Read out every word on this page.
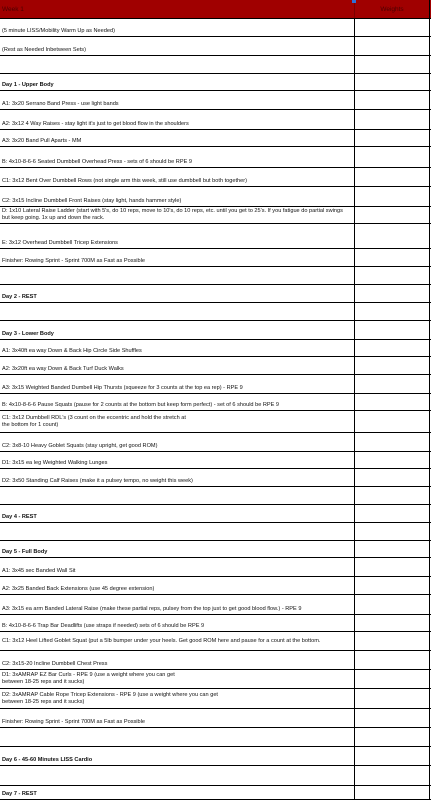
Week 1	Weights
(5 minute LISS/Mobility Warm Up as Needed)
(Rest as Needed Inbetween Sets)
Day 1 - Upper Body
A1: 3x20 Serrano Band Press - use light bands
A2: 3x12 4 Way Raises - stay light it's just to get blood flow in the shoulders
A3: 3x20 Band Pull Aparts - MM
B: 4x10-8-6-6 Seated Dumbbell Overhead Press - sets of 6 should be RPE 9
C1: 3x12 Bent Over Dumbbell Rows (not single arm this week, still use dumbbell but both together)
C2: 3x15 Incline Dumbbell Front Raises (stay light, hands hammer style)
D: 1x10 Lateral Raise Ladder (start with 5's, do 10 reps, move to 10's, do 10 reps, etc. until you get to 25's. If you fatigue do partial swings but keep going. 1x up and down the rack.
E: 3x12 Overhead Dumbbell Tricep Extensions
Finisher: Rowing Sprint - Sprint 700M as Fast as Possible
Day 2 - REST
Day 3 - Lower Body
A1: 3x40ft ea way Down & Back Hip Circle Side Shuffles
A2: 3x20ft ea way Down & Back Turf Duck Walks
A3: 3x15 Weighted Banded Dumbell Hip Thursts (squeeze for 3 counts at the top ea rep) - RPE 9
B: 4x10-8-6-6 Pause Squats (pause for 2 counts at the bottom but keep form perfect) - set of 6 should be RPE 9
C1: 3x12 Dumbbell RDL's (3 count on the eccentric and hold the stretch at
the bottom for 1 count)
C2: 3x8-10 Heavy Goblet Squats (stay upright, get good ROM)
D1: 3x15 ea leg Weighted Walking Lunges
D2: 3x50 Standing Calf Raises (make it a pulsey tempo, no weight this week)
Day 4 - REST
Day 5 - Full Body
A1: 3x45 sec Banded Wall Sit
A2: 3x25 Banded Back Extensions (use 45 degree extension)
A3: 3x15 ea arm Banded Lateral Raise (make these partial reps, pulsey from the top just to get good blood flow.) - RPE 9
B: 4x10-8-6-6 Trap Bar Deadlifts (use straps if needed) sets of 6 should be RPE 9
C1: 3x12 Heel Lifted Goblet Squat (put a 5lb bumper under your heels. Get good ROM here and pause for a count at the bottom.
C2: 3x15-20 Incline Dumbbell Chest Press
D1: 3xAMRAP EZ Bar Curls - RPE 9 (use a weight where you can get
between 18-25 reps and it sucks)
D2: 3xAMRAP Cable Rope Tricep Extensions - RPE 9 (use a weight where you can get
between 18-25 reps and it sucks)
Finisher: Rowing Sprint - Sprint 700M as Fast as Possible
Day 6 - 45-60 Minutes LISS Cardio
Day 7 - REST
